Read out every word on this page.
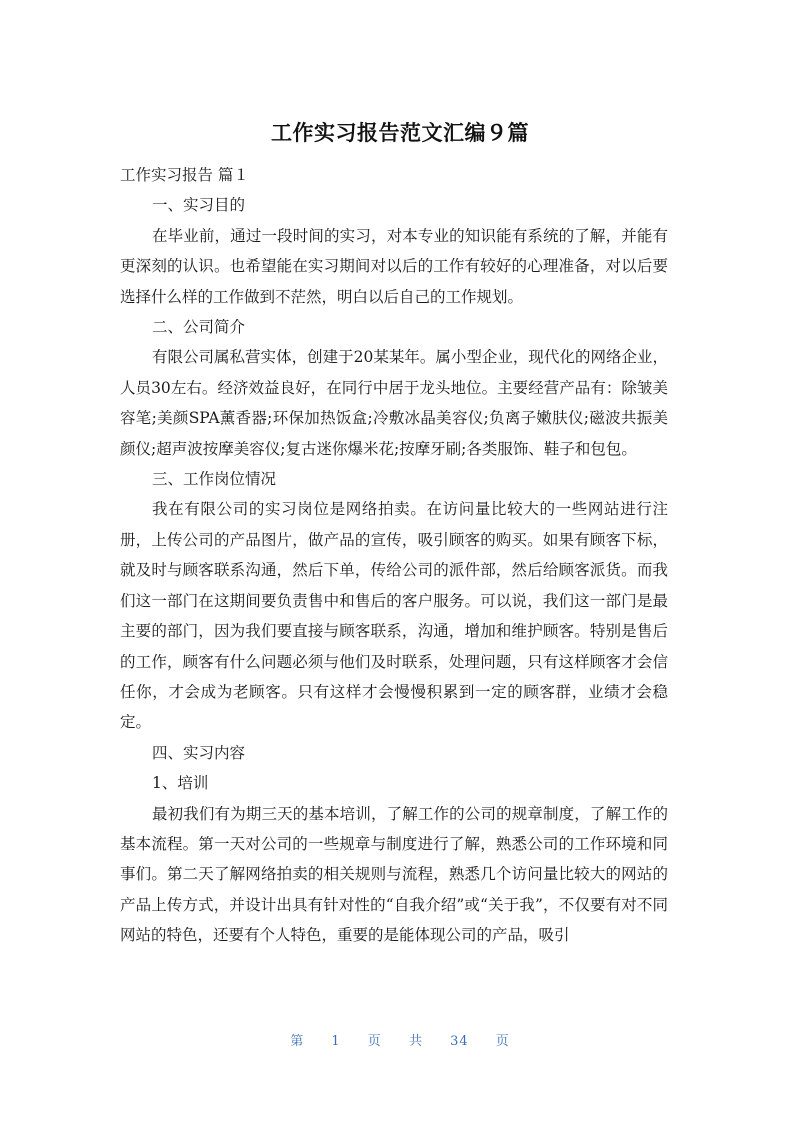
工作实习报告范文汇编９篇

工作实习报告 篇１

一、实习目的

在毕业前，通过一段时间的实习，对本专业的知识能有系统的了解，并能有更深刻的认识。也希望能在实习期间对以后的工作有较好的心理准备，对以后要选择什么样的工作做到不茫然，明白以后自己的工作规划。

二、公司简介

有限公司属私营实体，创建于20某某年。属小型企业，现代化的网络企业，人员30左右。经济效益良好，在同行中居于龙头地位。主要经营产品有：除皱美容笔;美颜SPA薰香器;环保加热饭盒;冷敷冰晶美容仪;负离子嫩肤仪;磁波共振美颜仪;超声波按摩美容仪;复古迷你爆米花;按摩牙刷;各类服饰、鞋子和包包。

三、工作岗位情况

我在有限公司的实习岗位是网络拍卖。在访问量比较大的一些网站进行注册，上传公司的产品图片，做产品的宣传，吸引顾客的购买。如果有顾客下标，就及时与顾客联系沟通，然后下单，传给公司的派件部，然后给顾客派货。而我们这一部门在这期间要负责售中和售后的客户服务。可以说，我们这一部门是最主要的部门，因为我们要直接与顾客联系，沟通，增加和维护顾客。特别是售后的工作，顾客有什么问题必须与他们及时联系，处理问题，只有这样顾客才会信任你，才会成为老顾客。只有这样才会慢慢积累到一定的顾客群，业绩才会稳定。

四、实习内容

1、培训

最初我们有为期三天的基本培训，了解工作的公司的规章制度，了解工作的基本流程。第一天对公司的一些规章与制度进行了解，熟悉公司的工作环境和同事们。第二天了解网络拍卖的相关规则与流程，熟悉几个访问量比较大的网站的产品上传方式，并设计出具有针对性的“自我介绍”或“关于我”，不仅要有对不同网站的特色，还要有个人特色，重要的是能体现公司的产品，吸引

第 1 页 共 34 页
